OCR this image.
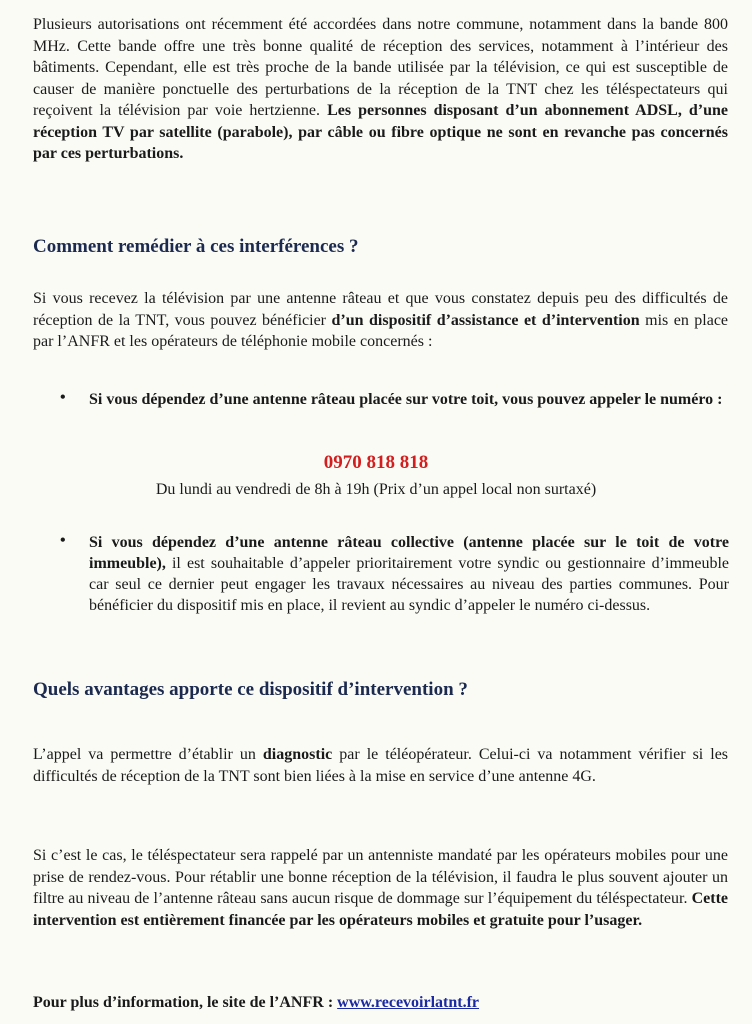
Plusieurs autorisations ont récemment été accordées dans notre commune, notamment dans la bande 800 MHz. Cette bande offre une très bonne qualité de réception des services, notamment à l’intérieur des bâtiments. Cependant, elle est très proche de la bande utilisée par la télévision, ce qui est susceptible de causer de manière ponctuelle des perturbations de la réception de la TNT chez les téléspectateurs qui reçoivent la télévision par voie hertzienne. Les personnes disposant d’un abonnement ADSL, d’une réception TV par satellite (parabole), par câble ou fibre optique ne sont en revanche pas concernés par ces perturbations.

Comment remédier à ces interférences ?

Si vous recevez la télévision par une antenne râteau et que vous constatez depuis peu des difficultés de réception de la TNT, vous pouvez bénéficier d’un dispositif d’assistance et d’intervention mis en place par l’ANFR et les opérateurs de téléphonie mobile concernés :

• Si vous dépendez d’une antenne râteau placée sur votre toit, vous pouvez appeler le numéro :

0970 818 818
Du lundi au vendredi de 8h à 19h (Prix d’un appel local non surtaxé)
• Si vous dépendez d’une antenne râteau collective (antenne placée sur le toit de votre immeuble), il est souhaitable d’appeler prioritairement votre syndic ou gestionnaire d’immeuble car seul ce dernier peut engager les travaux nécessaires au niveau des parties communes. Pour bénéficier du dispositif mis en place, il revient au syndic d’appeler le numéro ci-dessus.

Quels avantages apporte ce dispositif d’intervention ?

L’appel va permettre d’établir un diagnostic par le téléopérateur. Celui-ci va notamment vérifier si les difficultés de réception de la TNT sont bien liées à la mise en service d’une antenne 4G.

Si c’est le cas, le téléspectateur sera rappelé par un antenniste mandaté par les opérateurs mobiles pour une prise de rendez-vous. Pour rétablir une bonne réception de la télévision, il faudra le plus souvent ajouter un filtre au niveau de l’antenne râteau sans aucun risque de dommage sur l’équipement du téléspectateur. Cette intervention est entièrement financée par les opérateurs mobiles et gratuite pour l’usager.

Pour plus d’information, le site de l’ANFR : www.recevoirlatnt.fr
